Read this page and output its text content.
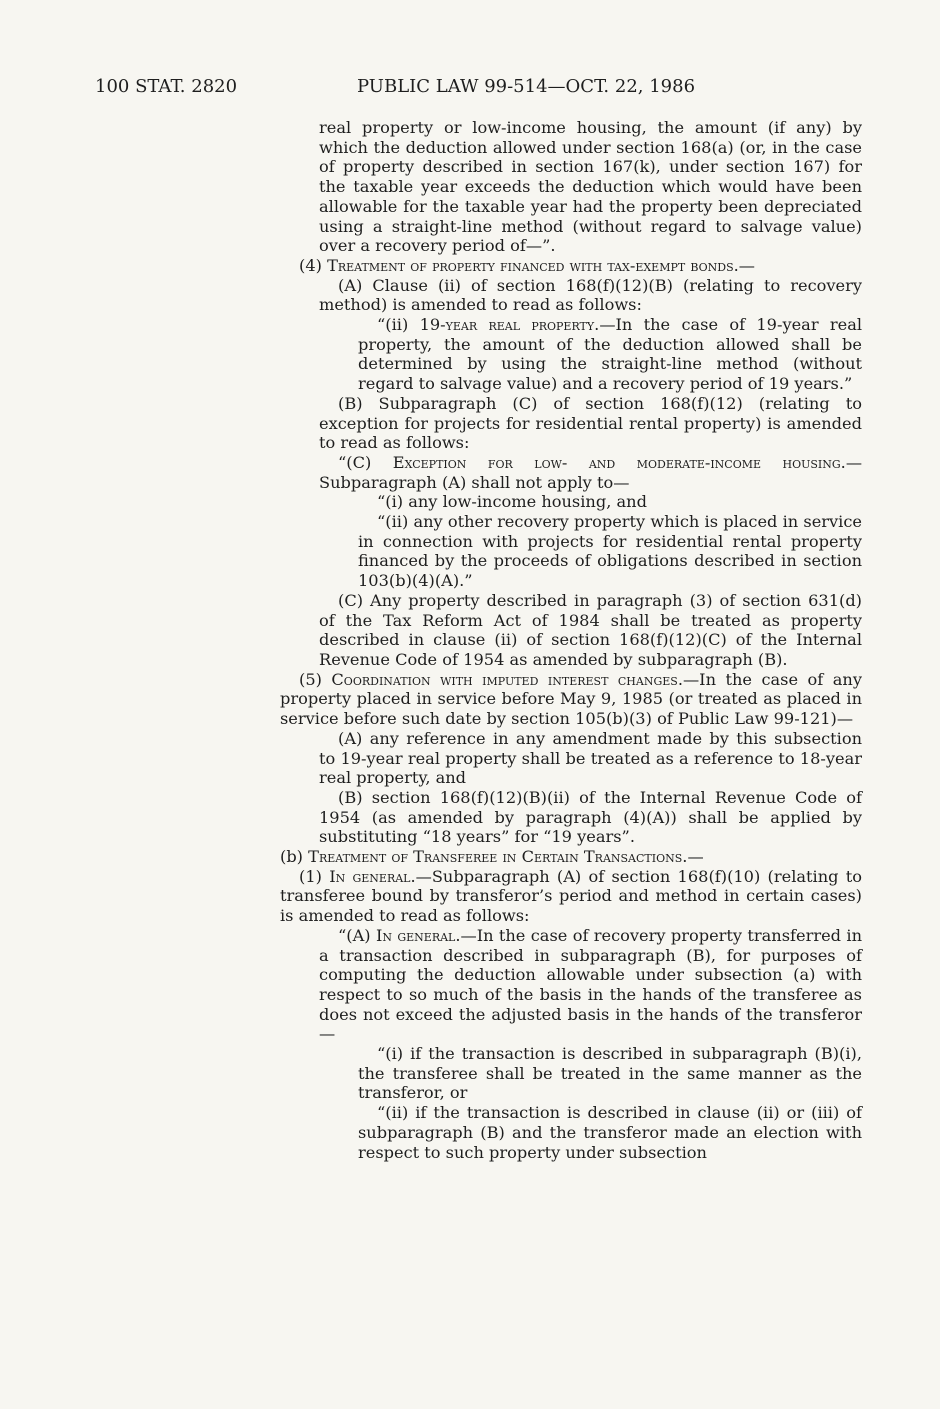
100 STAT. 2820	PUBLIC LAW 99-514—OCT. 22, 1986

real property or low-income housing, the amount (if any) by which the deduction allowed under section 168(a) (or, in the case of property described in section 167(k), under section 167) for the taxable year exceeds the deduction which would have been allowable for the taxable year had the property been depreciated using a straight-line method (without regard to salvage value) over a recovery period of—”.

(4) Treatment of property financed with tax-exempt bonds.—

(A) Clause (ii) of section 168(f)(12)(B) (relating to recovery method) is amended to read as follows:

“(ii) 19-year real property.—In the case of 19-year real property, the amount of the deduction allowed shall be determined by using the straight-line method (without regard to salvage value) and a recovery period of 19 years.”

(B) Subparagraph (C) of section 168(f)(12) (relating to exception for projects for residential rental property) is amended to read as follows:

“(C) Exception for low- and moderate-income housing.—Subparagraph (A) shall not apply to—

“(i) any low-income housing, and

“(ii) any other recovery property which is placed in service in connection with projects for residential rental property financed by the proceeds of obligations described in section 103(b)(4)(A).”

(C) Any property described in paragraph (3) of section 631(d) of the Tax Reform Act of 1984 shall be treated as property described in clause (ii) of section 168(f)(12)(C) of the Internal Revenue Code of 1954 as amended by subparagraph (B).

(5) Coordination with imputed interest changes.—In the case of any property placed in service before May 9, 1985 (or treated as placed in service before such date by section 105(b)(3) of Public Law 99-121)—

(A) any reference in any amendment made by this subsection to 19-year real property shall be treated as a reference to 18-year real property, and

(B) section 168(f)(12)(B)(ii) of the Internal Revenue Code of 1954 (as amended by paragraph (4)(A)) shall be applied by substituting “18 years” for “19 years”.

(b) Treatment of Transferee in Certain Transactions.—

(1) In general.—Subparagraph (A) of section 168(f)(10) (relating to transferee bound by transferor’s period and method in certain cases) is amended to read as follows:

“(A) In general.—In the case of recovery property transferred in a transaction described in subparagraph (B), for purposes of computing the deduction allowable under subsection (a) with respect to so much of the basis in the hands of the transferee as does not exceed the adjusted basis in the hands of the transferor—

“(i) if the transaction is described in subparagraph (B)(i), the transferee shall be treated in the same manner as the transferor, or

“(ii) if the transaction is described in clause (ii) or (iii) of subparagraph (B) and the transferor made an election with respect to such property under subsection
